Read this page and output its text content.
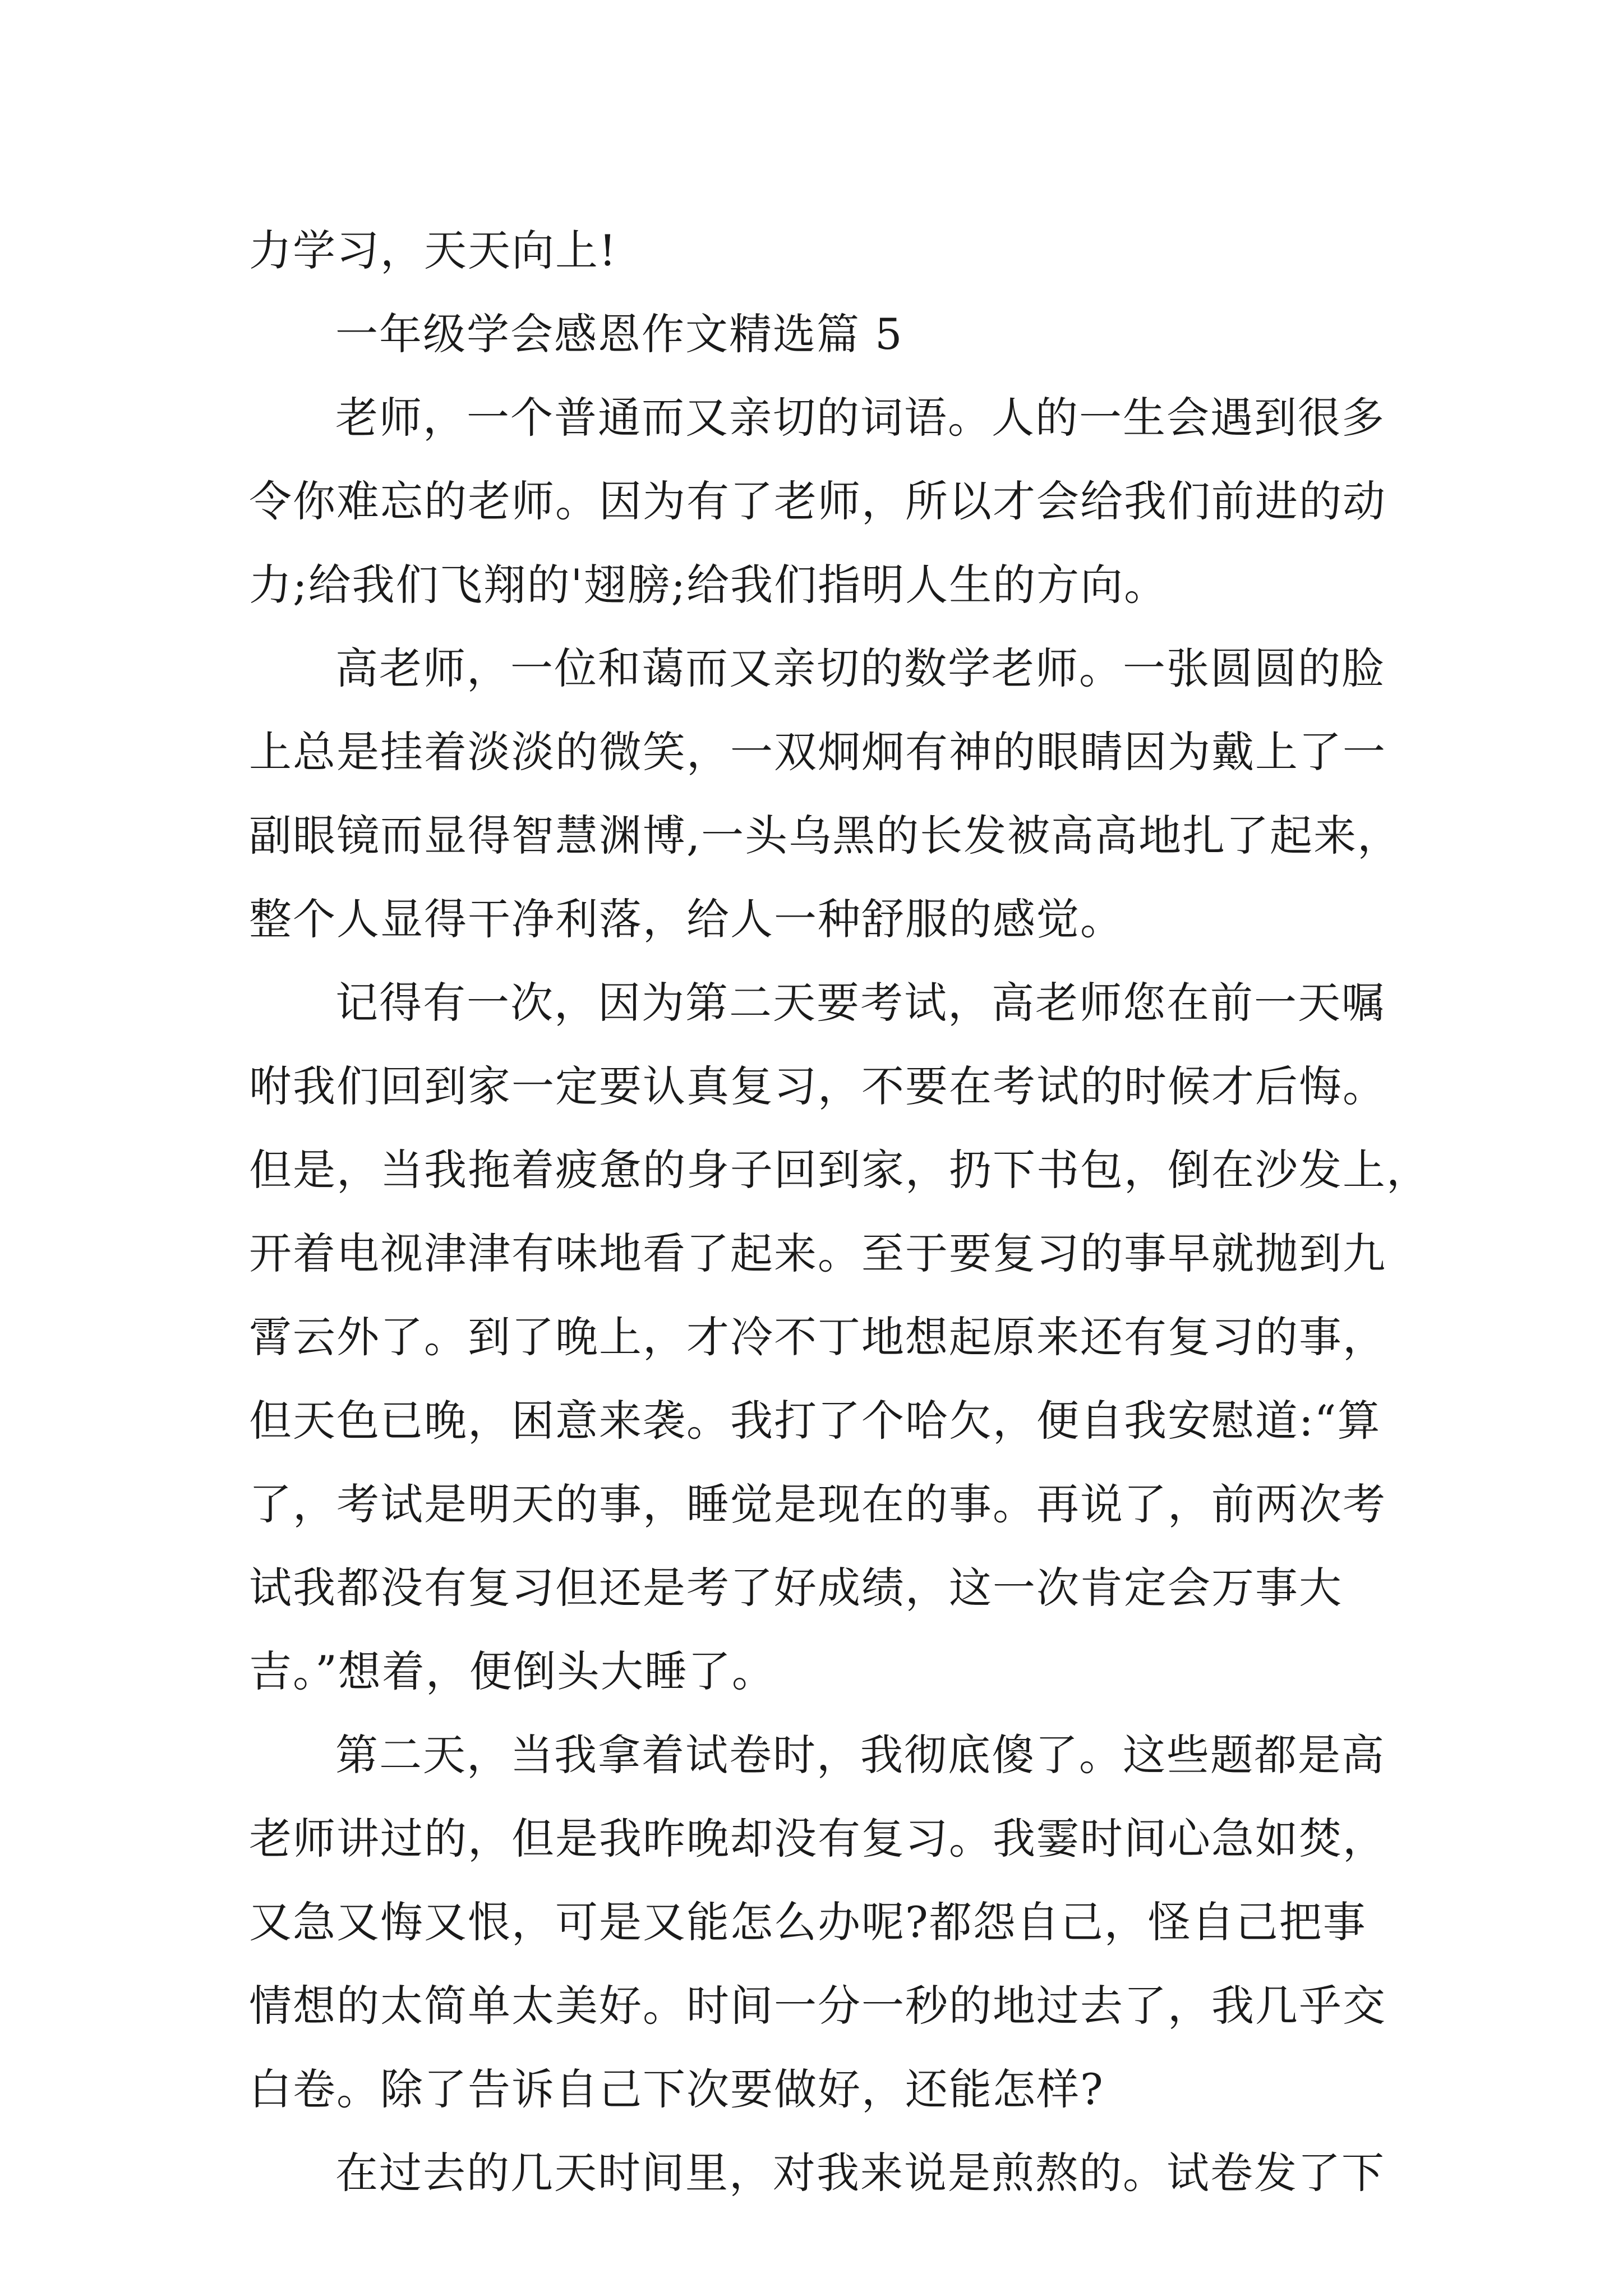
力学习，天天向上!
一年级学会感恩作文精选篇 5
老师，一个普通而又亲切的词语。人的一生会遇到很多
令你难忘的老师。因为有了老师，所以才会给我们前进的动
力;给我们飞翔的'翅膀;给我们指明人生的方向。
高老师，一位和蔼而又亲切的数学老师。一张圆圆的脸
上总是挂着淡淡的微笑，一双炯炯有神的眼睛因为戴上了一
副眼镜而显得智慧渊博,一头乌黑的长发被高高地扎了起来，
整个人显得干净利落，给人一种舒服的感觉。
记得有一次，因为第二天要考试，高老师您在前一天嘱
咐我们回到家一定要认真复习，不要在考试的时候才后悔。
但是，当我拖着疲惫的身子回到家，扔下书包，倒在沙发上，
开着电视津津有味地看了起来。至于要复习的事早就抛到九
霄云外了。到了晚上，才冷不丁地想起原来还有复习的事，
但天色已晚，困意来袭。我打了个哈欠，便自我安慰道:“算
了，考试是明天的事，睡觉是现在的事。再说了，前两次考
试我都没有复习但还是考了好成绩，这一次肯定会万事大
吉。”想着，便倒头大睡了。
第二天，当我拿着试卷时，我彻底傻了。这些题都是高
老师讲过的，但是我昨晚却没有复习。我霎时间心急如焚，
又急又悔又恨，可是又能怎么办呢?都怨自己，怪自己把事
情想的太简单太美好。时间一分一秒的地过去了，我几乎交
白卷。除了告诉自己下次要做好，还能怎样?
在过去的几天时间里，对我来说是煎熬的。试卷发了下
